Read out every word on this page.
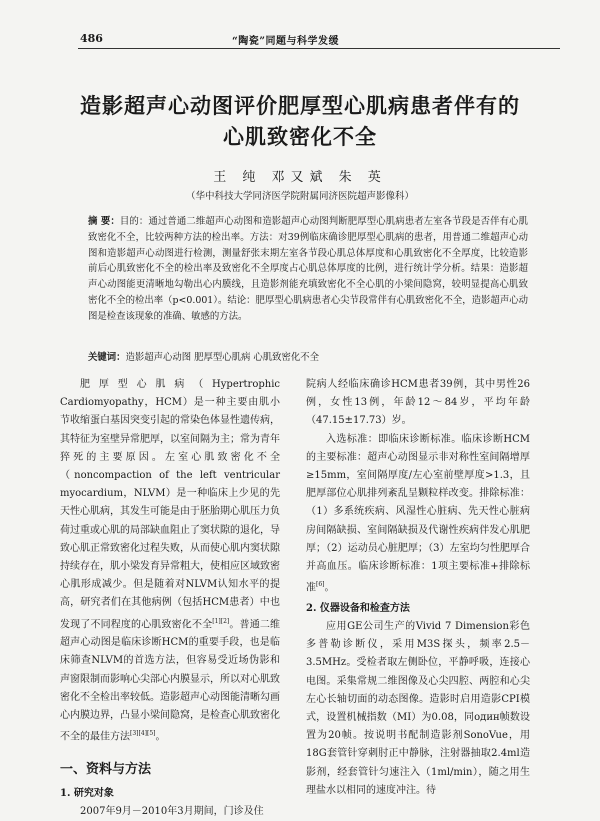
486	“陶瓷”同题与科学发缓
造影超声心动图评价肥厚型心肌病患者伴有的
心肌致密化不全
王 纯 邓又斌 朱 英
（华中科技大学同济医学院附属同济医院超声影像科）
摘 要：目的：通过普通二维超声心动图和造影超声心动图判断肥厚型心肌病患者左室各节段是否伴有心肌致密化不全，比较两种方法的检出率。方法：对39例临床确诊肥厚型心肌病的患者，用普通二维超声心动图和造影超声心动图进行检测，测量舒张末期左室各节段心肌总体厚度和心肌致密化不全厚度，比较造影前后心肌致密化不全的检出率及致密化不全厚度占心肌总体厚度的比例，进行统计学分析。结果：造影超声心动图能更清晰地勾勒出心内膜线，且造影剂能充填致密化不全心肌的小梁间隐窝，较明显提高心肌致密化不全的检出率（p<0.001）。结论：肥厚型心肌病患者心尖节段常伴有心肌致密化不全，造影超声心动图是检查该现象的准确、敏感的方法。
关键词：造影超声心动图 肥厚型心肌病 心肌致密化不全

肥厚型心肌病（Hypertrophic Cardiomyopathy，HCM）是一种主要由肌小节收缩蛋白基因突变引起的常染色体显性遗传病，其特征为室壁异常肥厚，以室间隔为主；常为青年猝死的主要原因。左室心肌致密化不全（noncompaction of the left ventricular myocardium，NLVM）是一种临床上少见的先天性心肌病，其发生可能是由于胚胎期心肌压力负荷过重或心肌的局部缺血阻止了窦状隙的退化，导致心肌正常致密化过程失败，从而使心肌内窦状隙持续存在，肌小梁发育异常粗大，使相应区域致密心肌形成减少。但是随着对NLVM认知水平的提高，研究者们在其他病例（包括HCM患者）中也发现了不同程度的心肌致密化不全[1][2]。普通二维超声心动图是临床诊断HCM的重要手段，也是临床筛查NLVM的首选方法，但容易受近场伪影和声窗限制而影响心尖部心内膜显示，所以对心肌致密化不全检出率较低。造影超声心动图能清晰勾画心内膜边界，凸显小梁间隐窝，是检查心肌致密化不全的最佳方法[3][4][5]。

一、资料与方法
1. 研究对象

2007年9月－2010年3月期间，门诊及住

院病人经临床确诊HCM患者39例，其中男性26例，女性13例，年龄12～84岁，平均年龄（47.15±17.73）岁。

入选标准：即临床诊断标准。临床诊断HCM的主要标准：超声心动图显示非对称性室间隔增厚≥15mm，室间隔厚度/左心室前壁厚度>1.3，且肥厚部位心肌排列紊乱呈颗粒样改变。排除标准：（1）多系统疾病、风湿性心脏病、先天性心脏病房间隔缺损、室间隔缺损及代谢性疾病伴发心肌肥厚；（2）运动员心脏肥厚；（3）左室均匀性肥厚合并高血压。临床诊断标准：1项主要标准+排除标准[6]。

2. 仪器设备和检查方法

应用GE公司生产的Vivid 7 Dimension彩色多普勒诊断仪，采用M3S探头，频率2.5－3.5MHz。受检者取左侧卧位，平静呼吸，连接心电图。采集常规二维图像及心尖四腔、两腔和心尖左心长轴切面的动态图像。造影时启用造影CPI模式，设置机械指数（MI）为0.08，同один帧数设置为20帧。按说明书配制造影剂SonoVue，用18G套管针穿刺肘正中静脉，注射器抽取2.4ml造影剂，经套管针匀速注入（1ml/min），随之用生理盐水以相同的速度冲注。待
